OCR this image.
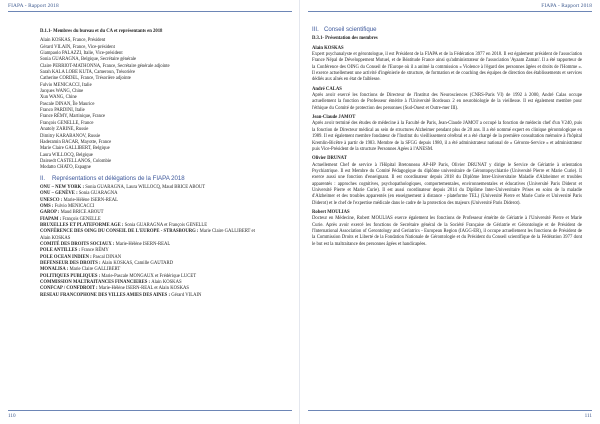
FIAPA - Rapport 2018
D.1.1- Membres du bureau et du CA et représentants en 2018
Alain KOSKAS, France, Président
Gérard VILAIN, France, Vice-président
Giampaolo PALAZZI, Italie, Vice-président
Sonia GUARAGNA, Belgique, Secrétaire générale
Claire PERRIOT-MATHONNA, France, Secrétaire générale adjointe
Sarah KALA LOBE KUTA, Cameroun, Trésorière
Catherine CORDEL, France, Trésorière adjointe
Fulvio MENICACCI, Italie
Jacques WANG, Chine
Xun WANG, Chine
Pascale DINAN, Île Maurice
Franco PARDINI, Italie
France RÉMY, Martinique, France
François GENELLE, France
Anatoly ZARINE, Russie
Dimitry KARABANOV, Russie
Haderamin BACAR, Mayotte, France
Marie Claire GALLIBERT, Belgique
Laura WILLOCQ, Belgique
Dairsedt CASTELLANOS, Colombie
Modatto CHATO, Espagne
II. Représentations et délégations de la FIAPA 2018
ONU – NEW YORK : Sonia GUARAGNA, Laura WILLOCQ, Maud BRICE ABOUT
ONU – GENÈVE : Sonia GUARAGNA
UNESCO : Marie-Hélène ISERN-REAL
OMS : Fulvio MENICACCI
GAROP : Maud BRICE ABOUT
FIAPAM : François GENELLE
BRUXELLES ET PLATEFORME AGE : Sonia GUARAGNA et François GENELLE
CONFÉRENCE DES OING DU CONSEIL DE L'EUROPE - STRASBOURG : Marie Claire GALLIBERT et Alain KOSKAS
COMITÉ DES DROITS SOCIAUX : Marie-Hélène ISERN-REAL
POLE ANTILLES : France RÉMY
POLE OCEAN INDIEN : Pascal DINAN
DEFENSEUR DES DROITS : Alain KOSKAS, Camille GAUTARD
MONALISA : Marie Claire GALLIBERT
POLITIQUES PUBLIQUES : Marie-Pascale MONGAUX et Frédérique LUCET
COMMISSION MALTRAITANCES FINANCIERES : Alain KOSKAS
CONFCAP / CONFDROIT : Marie-Hélène ISERN-REAL et Alain KOSKAS
RESEAU FRANCOPHONE DES VILLES AMIES DES AINES : Gérard VILAIN
110
FIAPA - Rapport 2018
III. Conseil scientifique
D.3.1- Présentation des membres
Alain KOSKAS

Expert psychanalyste et gérontologue, il est Président de la FIAPA et de la Fédération 3977 en 2018. Il est également président de l'association France Népal de Développement Mutuel, et de Béatitude France ainsi qu'administrateur de l'association 'Ayaam Zaman'. Il a été rapporteur de la Conférence des OING du Conseil de l'Europe où il a animé la commission « Violence à l'égard des personnes âgées et droits de l'Homme ». Il exerce actuellement une activité d'ingénierie de structure, de formation et de coaching des équipes de direction des établissements et services dédiés aux aînés en état de faiblesse.

André CALAS

Après avoir exercé les fonctions de Directeur de l'Institut des Neurosciences (CNRS-Paris VI) de 1992 à 2000, André Calas occupe actuellement la fonction de Professeur émérite à l'Université Bordeaux 2 en neurobiologie de la vieillesse. Il est également membre pour l'éthique du Comité de protection des personnes (Sud-Ouest et Outre-mer III).

Jean-Claude JAMOT

Après avoir terminé des études de médecine à la Faculté de Paris, Jean-Claude JAMOT a occupé la fonction de médecin chef d'un V240, puis la fonction de Directeur médical au sein de structures Alzheimer pendant plus de 20 ans. Il a été nommé expert en clinique gérontologique en 1989. Il est également membre fondateur de l'Institut du vieillissement cérébral et a été chargé de la première consultation mémoire à l'hôpital Kremlin-Bicêtre à partir de 1983. Membre de la SFGG depuis 1980, il a été administrateur national de « Géronto-Service » et administrateur puis Vice-Président de la structure Personnes Agées à l'ANESM.

Olivier DRUNAT

Actuellement Chef de service à l'Hôpital Bretonneau AP-HP Paris, Olivier DRUNAT y dirige le Service de Gériatrie à orientation Psychiatrique. Il est Membre du Comité Pédagogique du diplôme universitaire de Gérontopsychiatrie (Université Pierre et Marie Curie). Il exerce aussi une fonction d'enseignant. Il est coordinateur depuis 2018 du Diplôme Inter-Universitaire Maladie d'Alzheimer et troubles apparentés : approches cognitives, psychopathologiques, comportementales, environnementales et éducatives (Université Paris Diderot et Université Pierre et Marie Curie). Il est aussi coordinateur depuis 2014 du Diplôme Inter-Universitaire Prises en soins de la maladie d'Alzheimer et des troubles apparentés (en enseignement à distance - plateforme TEL) (Université Pierre et Marie Curie et Université Paris Diderot) et le chef de l'expertise médicale dans le cadre de la protection des majeurs (Université Paris Diderot).

Robert MOULIAS

Docteur en Médecine, Robert MOULIAS exerce également les fonctions de Professeur émérite de Gériatrie à l'Université Pierre et Marie Curie. Après avoir exercé les fonctions de Secrétaire général de la Société Française de Gériatrie et Gérontologie et de Président de l'International Association of Gerontology and Geriatrics - European Region (IAGG-ER), il occupe actuellement les fonctions de Président de la Commission Droits et Liberté de la Fondation Nationale de Gérontologie et du Président du Conseil scientifique de la Fédération 3977 dont le but est la maltraitance des personnes âgées et handicapées.

111
